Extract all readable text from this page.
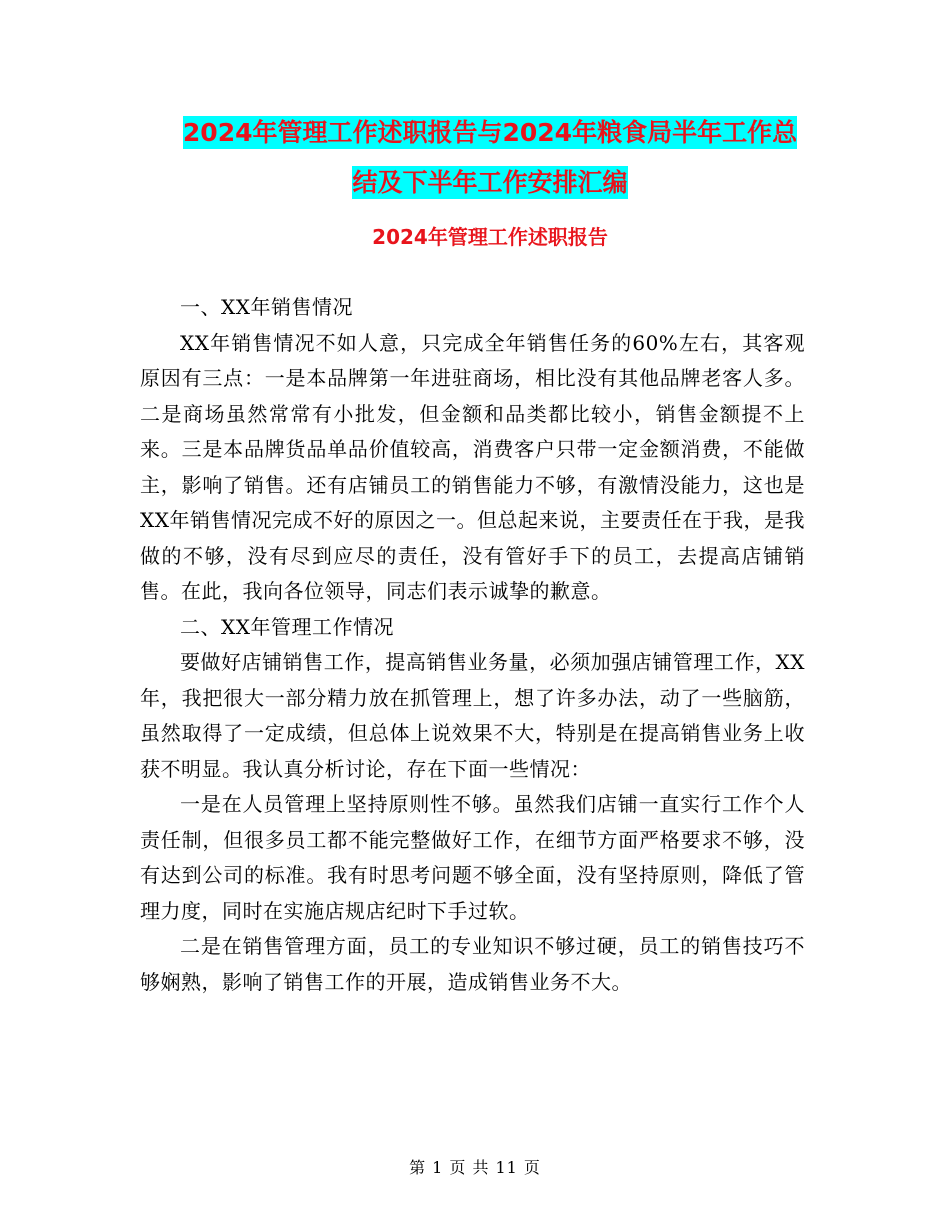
2024年管理工作述职报告与2024年粮食局半年工作总
结及下半年工作安排汇编
2024年管理工作述职报告

一、XX年销售情况

XX年销售情况不如人意，只完成全年销售任务的60%左右，其客观原因有三点：一是本品牌第一年进驻商场，相比没有其他品牌老客人多。二是商场虽然常常有小批发，但金额和品类都比较小，销售金额提不上来。三是本品牌货品单品价值较高，消费客户只带一定金额消费，不能做主，影响了销售。还有店铺员工的销售能力不够，有激情没能力，这也是XX年销售情况完成不好的原因之一。但总起来说，主要责任在于我，是我做的不够，没有尽到应尽的责任，没有管好手下的员工，去提高店铺销售。在此，我向各位领导，同志们表示诚挚的歉意。

二、XX年管理工作情况

要做好店铺销售工作，提高销售业务量，必须加强店铺管理工作，XX年，我把很大一部分精力放在抓管理上，想了许多办法，动了一些脑筋，虽然取得了一定成绩，但总体上说效果不大，特别是在提高销售业务上收获不明显。我认真分析讨论，存在下面一些情况：

一是在人员管理上坚持原则性不够。虽然我们店铺一直实行工作个人责任制，但很多员工都不能完整做好工作，在细节方面严格要求不够，没有达到公司的标准。我有时思考问题不够全面，没有坚持原则，降低了管理力度，同时在实施店规店纪时下手过软。

二是在销售管理方面，员工的专业知识不够过硬，员工的销售技巧不够娴熟，影响了销售工作的开展，造成销售业务不大。

第 1 页 共 11 页
